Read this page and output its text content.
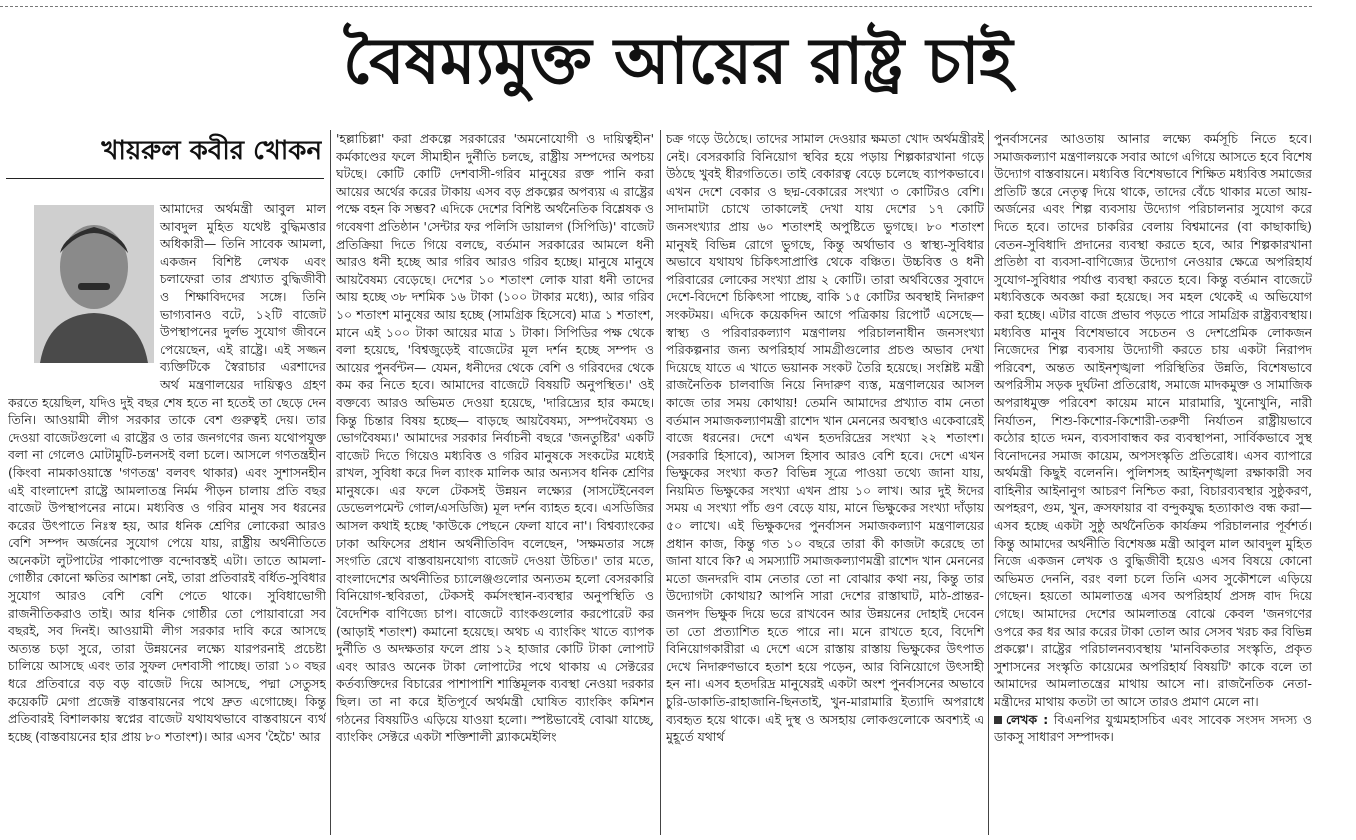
বৈষম্যমুক্ত আয়ের রাষ্ট্র চাই
খায়রুল কবীর খোকন

আমাদের অর্থমন্ত্রী আবুল মাল আবদুল মুহিত যথেষ্ট বুদ্ধিমত্তার অধিকারী— তিনি সাবেক আমলা, একজন বিশিষ্ট লেখক এবং চলাফেরা তার প্রখ্যাত বুদ্ধিজীবী ও শিক্ষাবিদদের সঙ্গে। তিনি ভাগ্যবানও বটে, ১২টি বাজেট উপস্থাপনের দুর্লভ সুযোগ জীবনে পেয়েছেন, এই রাষ্ট্রে। এই সজ্জন ব্যক্তিটিকে স্বৈরাচার এরশাদের অর্থ মন্ত্রণালয়ের দায়িত্বও গ্রহণ করতে হয়েছিল, যদিও দুই বছর শেষ হতে না হতেই তা ছেড়ে দেন তিনি। আওয়ামী লীগ সরকার তাকে বেশ গুরুত্বই দেয়। তার দেওয়া বাজেটগুলো এ রাষ্ট্রের ও তার জনগণের জন্য যথোপযুক্ত বলা না গেলেও মোটামুটি-চলনসই বলা চলে। আসলে গণতন্ত্রহীন (কিংবা নামকাওয়াস্তে 'গণতন্ত্র' বলবৎ থাকার) এবং সুশাসনহীন এই বাংলাদেশ রাষ্ট্রে আমলাতন্ত্র নির্মম পীড়ন চালায় প্রতি বছর বাজেট উপস্থাপনের নামে। মধ্যবিত্ত ও গরিব মানুষ সব ধরনের করের উৎপাতে নিঃস্ব হয়, আর ধনিক শ্রেণির লোকেরা আরও বেশি সম্পদ অর্জনের সুযোগ পেয়ে যায়, রাষ্ট্রীয় অর্থনীতিতে অনেকটা লুটপাটের পাকাপোক্ত বন্দোবস্তই এটা। তাতে আমলা-গোষ্ঠীর কোনো ক্ষতির আশঙ্কা নেই, তারা প্রতিবারই বর্ধিত-সুবিধার সুযোগ আরও বেশি বেশি পেতে থাকে। সুবিধাভোগী রাজনীতিকরাও তাই। আর ধনিক গোষ্ঠীর তো পোয়াবারো সব বছরই, সব দিনই। আওয়ামী লীগ সরকার দাবি করে আসছে অত্যন্ত চড়া সুরে, তারা উন্নয়নের লক্ষ্যে যারপরনাই প্রচেষ্টা চালিয়ে আসছে এবং তার সুফল দেশবাসী পাচ্ছে। তারা ১০ বছর ধরে প্রতিবারে বড় বড় বাজেট দিয়ে আসছে, পদ্মা সেতুসহ কয়েকটি মেগা প্রজেক্ট বাস্তবায়নের পথে দ্রুত এগোচ্ছে। কিন্তু প্রতিবারই বিশালকায় স্বপ্নের বাজেট যথাযথভাবে বাস্তবায়নে ব্যর্থ হচ্ছে (বাস্তবায়নের হার প্রায় ৮০ শতাংশ)। আর এসব 'হৈচৈ' আর

'হল্লাচিল্লা' করা প্রকল্পে সরকারের 'অমনোযোগী ও দায়িত্বহীন' কর্মকাণ্ডের ফলে সীমাহীন দুর্নীতি চলছে, রাষ্ট্রীয় সম্পদের অপচয় ঘটছে। কোটি কোটি দেশবাসী-গরিব মানুষের রক্ত পানি করা আয়ের অর্থের করের টাকায় এসব বড় প্রকল্পের অপব্যয় এ রাষ্ট্রের পক্ষে বহন কি সম্ভব? এদিকে দেশের বিশিষ্ট অর্থনৈতিক বিশ্লেষক ও গবেষণা প্রতিষ্ঠান 'সেন্টার ফর পলিসি ডায়ালগ (সিপিডি)' বাজেট প্রতিক্রিয়া দিতে গিয়ে বলছে, বর্তমান সরকারের আমলে ধনী আরও ধনী হচ্ছে আর গরিব আরও গরিব হচ্ছে। মানুষে মানুষে আয়বৈষম্য বেড়েছে। দেশের ১০ শতাংশ লোক যারা ধনী তাদের আয় হচ্ছে ৩৮ দশমিক ১৬ টাকা (১০০ টাকার মধ্যে), আর গরিব ১০ শতাংশ মানুষের আয় হচ্ছে (সামগ্রিক হিসেবে) মাত্র ১ শতাংশ, মানে এই ১০০ টাকা আয়ের মাত্র ১ টাকা। সিপিডির পক্ষ থেকে বলা হয়েছে, 'বিশ্বজুড়েই বাজেটের মূল দর্শন হচ্ছে সম্পদ ও আয়ের পুনর্বন্টন— যেমন, ধনীদের থেকে বেশি ও গরিবদের থেকে কম কর নিতে হবে। আমাদের বাজেটে বিষয়টি অনুপস্থিত।' ওই বক্তব্যে আরও অভিমত দেওয়া হয়েছে, 'দারিদ্র্যের হার কমছে। কিন্তু চিন্তার বিষয় হচ্ছে— বাড়ছে আয়বৈষম্য, সম্পদবৈষম্য ও ভোগবৈষম্য।' আমাদের সরকার নির্বাচনী বছরে 'জনতুষ্টির' একটি বাজেট দিতে গিয়েও মধ্যবিত্ত ও গরিব মানুষকে সংকটের মধ্যেই রাখল, সুবিধা করে দিল ব্যাংক মালিক আর অন্যসব ধনিক শ্রেণির মানুষকে। এর ফলে টেকসই উন্নয়ন লক্ষ্যের (সাসটেইনেবল ডেভেলপমেন্ট গোল/এসডিজি) মূল দর্শন ব্যাহত হবে। এসডিজির আসল কথাই হচ্ছে 'কাউকে পেছনে ফেলা যাবে না'। বিশ্বব্যাংকের ঢাকা অফিসের প্রধান অর্থনীতিবিদ বলেছেন, 'সক্ষমতার সঙ্গে সংগতি রেখে বাস্তবায়নযোগ্য বাজেট দেওয়া উচিত।' তার মতে, বাংলাদেশের অর্থনীতির চ্যালেঞ্জগুলোর অন্যতম হলো বেসরকারি বিনিয়োগ-স্থবিরতা, টেকসই কর্মসংস্থান-ব্যবস্থার অনুপস্থিতি ও বৈদেশিক বাণিজ্যে চাপ। বাজেটে ব্যাংকগুলোর করপোরেট কর (আড়াই শতাংশ) কমানো হয়েছে। অথচ এ ব্যাংকিং খাতে ব্যাপক দুর্নীতি ও অদক্ষতার ফলে প্রায় ১২ হাজার কোটি টাকা লোপাট এবং আরও অনেক টাকা লোপাটের পথে থাকায় এ সেক্টরের কর্তব্যক্তিদের বিচারের পাশাপাশি শাস্তিমূলক ব্যবস্থা নেওয়া দরকার ছিল। তা না করে ইতিপূর্বে অর্থমন্ত্রী ঘোষিত ব্যাংকিং কমিশন গঠনের বিষয়টিও এড়িয়ে যাওয়া হলো। স্পষ্টভাবেই বোঝা যাচ্ছে, ব্যাংকিং সেক্টরে একটা শক্তিশালী ব্ল্যাকমেইলিং

চক্র গড়ে উঠেছে। তাদের সামাল দেওয়ার ক্ষমতা খোদ অর্থমন্ত্রীরই নেই। বেসরকারি বিনিয়োগ স্থবির হয়ে পড়ায় শিল্পকারখানা গড়ে উঠছে খুবই ধীরগতিতে। তাই বেকারত্ব বেড়ে চলেছে ব্যাপকভাবে। এখন দেশে বেকার ও ছদ্ম-বেকারের সংখ্যা ৩ কোটিরও বেশি। সাদামাটা চোখে তাকালেই দেখা যায় দেশের ১৭ কোটি জনসংখ্যার প্রায় ৬০ শতাংশই অপুষ্টিতে ভুগছে। ৮০ শতাংশ মানুষই বিভিন্ন রোগে ভুগছে, কিন্তু অর্থাভাব ও স্বাস্থ্য-সুবিধার অভাবে যথাযথ চিকিৎসাপ্রাপ্তি থেকে বঞ্চিত। উচ্চবিত্ত ও ধনী পরিবারের লোকের সংখ্যা প্রায় ২ কোটি। তারা অর্থবিত্তের সুবাদে দেশে-বিদেশে চিকিৎসা পাচ্ছে, বাকি ১৫ কোটির অবস্থাই নিদারুণ সংকটময়। এদিকে কয়েকদিন আগে পত্রিকায় রিপোর্ট এসেছে— স্বাস্থ্য ও পরিবারকল্যাণ মন্ত্রণালয় পরিচালনাধীন জনসংখ্যা পরিকল্পনার জন্য অপরিহার্য সামগ্রীগুলোর প্রচণ্ড অভাব দেখা দিয়েছে যাতে এ খাতে ভয়ানক সংকট তৈরি হয়েছে। সংশ্লিষ্ট মন্ত্রী রাজনৈতিক চালবাজি নিয়ে নিদারুণ ব্যস্ত, মন্ত্রণালয়ের আসল কাজে তার সময় কোথায়! তেমনি আমাদের প্রখ্যাত বাম নেতা বর্তমান সমাজকল্যাণমন্ত্রী রাশেদ খান মেননের অবস্থাও একেবারেই বাজে ধরনের। দেশে এখন হতদরিদ্রের সংখ্যা ২২ শতাংশ। (সরকারি হিসাবে), আসল হিসাব আরও বেশি হবে। দেশে এখন ভিক্ষুকের সংখ্যা কত? বিভিন্ন সূত্রে পাওয়া তথ্যে জানা যায়, নিয়মিত ভিক্ষুকের সংখ্যা এখন প্রায় ১০ লাখ। আর দুই ঈদের সময় এ সংখ্যা পাঁচ গুণ বেড়ে যায়, মানে ভিক্ষুকের সংখ্যা দাঁড়ায় ৫০ লাখে। এই ভিক্ষুকদের পুনর্বাসন সমাজকল্যাণ মন্ত্রণালয়ের প্রধান কাজ, কিন্তু গত ১০ বছরে তারা কী কাজটা করেছে তা জানা যাবে কি? এ সমস্যাটি সমাজকল্যাণমন্ত্রী রাশেদ খান মেননের মতো জনদরদি বাম নেতার তো না বোঝার কথা নয়, কিন্তু তার উদ্যোগটা কোথায়? আপনি সারা দেশের রাস্তাঘাট, মাঠ-প্রান্তর-জনপদ ভিক্ষুক দিয়ে ভরে রাখবেন আর উন্নয়নের দোহাই দেবেন তা তো প্রত্যাশিত হতে পারে না। মনে রাখতে হবে, বিদেশি বিনিয়োগকারীরা এ দেশে এসে রাস্তায় রাস্তায় ভিক্ষুকের উৎপাত দেখে নিদারুণভাবে হতাশ হয়ে পড়েন, আর বিনিয়োগে উৎসাহী হন না। এসব হতদরিদ্র মানুষেরই একটা অংশ পুনর্বাসনের অভাবে চুরি-ডাকাতি-রাহাজানি-ছিনতাই, খুন-মারামারি ইত্যাদি অপরাধে ব্যবহৃত হয়ে থাকে। এই দুস্থ ও অসহায় লোকগুলোকে অবশ্যই এ মুহূর্তে যথার্থ

পুনর্বাসনের আওতায় আনার লক্ষ্যে কর্মসূচি নিতে হবে। সমাজকল্যাণ মন্ত্রণালয়কে সবার আগে এগিয়ে আসতে হবে বিশেষ উদ্যোগ বাস্তবায়নে। মধ্যবিত্ত বিশেষভাবে শিক্ষিত মধ্যবিত্ত সমাজের প্রতিটি স্তরে নেতৃত্ব দিয়ে থাকে, তাদের বেঁচে থাকার মতো আয়-অর্জনের এবং শিল্প ব্যবসায় উদ্যোগ পরিচালনার সুযোগ করে দিতে হবে। তাদের চাকরির বেলায় বিশ্বমানের (বা কাছাকাছি) বেতন-সুবিধাদি প্রদানের ব্যবস্থা করতে হবে, আর শিল্পকারখানা প্রতিষ্ঠা বা ব্যবসা-বাণিজ্যের উদ্যোগ নেওয়ার ক্ষেত্রে অপরিহার্য সুযোগ-সুবিধার পর্যাপ্ত ব্যবস্থা করতে হবে। কিন্তু বর্তমান বাজেটে মধ্যবিত্তকে অবজ্ঞা করা হয়েছে। সব মহল থেকেই এ অভিযোগ করা হচ্ছে। এটার বাজে প্রভাব পড়তে পারে সামগ্রিক রাষ্ট্রব্যবস্থায়। মধ্যবিত্ত মানুষ বিশেষভাবে সচেতন ও দেশপ্রেমিক লোকজন নিজেদের শিল্প ব্যবসায় উদ্যোগী করতে চায় একটা নিরাপদ পরিবেশ, অন্তত আইনশৃঙ্খলা পরিস্থিতির উন্নতি, বিশেষভাবে অপরিসীম সড়ক দুর্ঘটনা প্রতিরোধ, সমাজে মাদকমুক্ত ও সামাজিক অপরাধমুক্ত পরিবেশ কায়েম মানে মারামারি, খুনোখুনি, নারী নির্যাতন, শিশু-কিশোর-কিশোরী-তরুণী নির্যাতন রাষ্ট্রীয়ভাবে কঠোর হাতে দমন, ব্যবসাবান্ধব কর ব্যবস্থাপনা, সার্বিকভাবে সুস্থ বিনোদনের সমাজ কায়েম, অপসংস্কৃতি প্রতিরোধ। এসব ব্যাপারে অর্থমন্ত্রী কিছুই বলেননি। পুলিশসহ আইনশৃঙ্খলা রক্ষাকারী সব বাহিনীর আইনানুগ আচরণ নিশ্চিত করা, বিচারব্যবস্থার সুষ্ঠুকরণ, অপহরণ, গুম, খুন, ক্রসফায়ার বা বন্দুকযুদ্ধ হত্যাকাণ্ড বন্ধ করা— এসব হচ্ছে একটা সুষ্ঠু অর্থনৈতিক কার্যক্রম পরিচালনার পূর্বশর্ত। কিন্তু আমাদের অর্থনীতি বিশেষজ্ঞ মন্ত্রী আবুল মাল আবদুল মুহিত নিজে একজন লেখক ও বুদ্ধিজীবী হয়েও এসব বিষয়ে কোনো অভিমত দেননি, বরং বলা চলে তিনি এসব সুকৌশলে এড়িয়ে গেছেন। হয়তো আমলাতন্ত্র এসব অপরিহার্য প্রসঙ্গ বাদ দিয়ে গেছে। আমাদের দেশের আমলাতন্ত্র বোঝে কেবল 'জনগণের ওপরে কর ধর আর করের টাকা তোল আর সেসব খরচ কর বিভিন্ন প্রকল্পে'। রাষ্ট্রের পরিচালনব্যবস্থায় 'মানবিকতার সংস্কৃতি, প্রকৃত সুশাসনের সংস্কৃতি কায়েমের অপরিহার্য বিষয়টি' কাকে বলে তা আমাদের আমলাতন্ত্রের মাথায় আসে না। রাজনৈতিক নেতা-মন্ত্রীদের মাথায় কতটা তা আসে তারও প্রমাণ মেলে না।

লেখক : বিএনপির যুগ্মমহাসচিব এবং সাবেক সংসদ সদস্য ও ডাকসু সাধারণ সম্পাদক।
